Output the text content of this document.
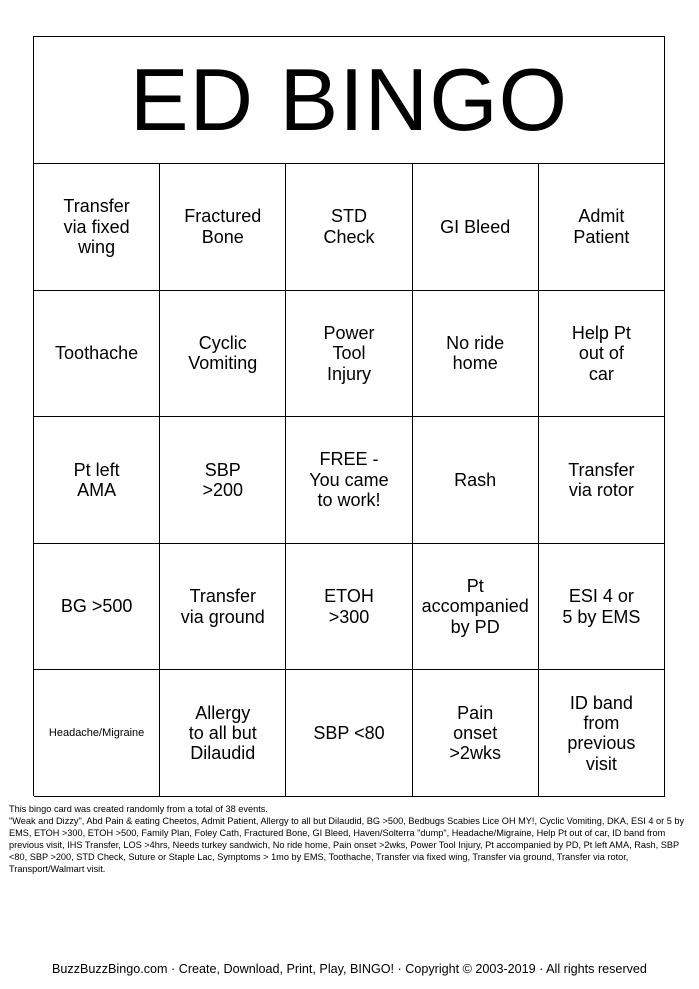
ED BINGO
Transfer
via fixed
wing
Fractured
Bone
STD
Check
GI Bleed
Admit
Patient
Toothache
Cyclic
Vomiting
Power
Tool
Injury
No ride
home
Help Pt
out of
car
Pt left
AMA
SBP
>200
FREE -
You came
to work!
Rash
Transfer
via rotor
BG >500
Transfer
via ground
ETOH
>300
Pt
accompanied
by PD
ESI 4 or
5 by EMS
Headache/Migraine
Allergy
to all but
Dilaudid
SBP <80
Pain
onset
>2wks
ID band
from
previous
visit

This bingo card was created randomly from a total of 38 events.

"Weak and Dizzy", Abd Pain & eating Cheetos, Admit Patient, Allergy to all but Dilaudid, BG >500, Bedbugs Scabies Lice OH MY!, Cyclic Vomiting, DKA, ESI 4 or 5 by EMS, ETOH >300, ETOH >500, Family Plan, Foley Cath, Fractured Bone, GI Bleed, Haven/Solterra "dump", Headache/Migraine, Help Pt out of car, ID band from previous visit, IHS Transfer, LOS >4hrs, Needs turkey sandwich, No ride home, Pain onset >2wks, Power Tool Injury, Pt accompanied by PD, Pt left AMA, Rash, SBP <80, SBP >200, STD Check, Suture or Staple Lac, Symptoms > 1mo by EMS, Toothache, Transfer via fixed wing, Transfer via ground, Transfer via rotor, Transport/Walmart visit.

BuzzBuzzBingo.com · Create, Download, Print, Play, BINGO! · Copyright © 2003-2019 · All rights reserved
